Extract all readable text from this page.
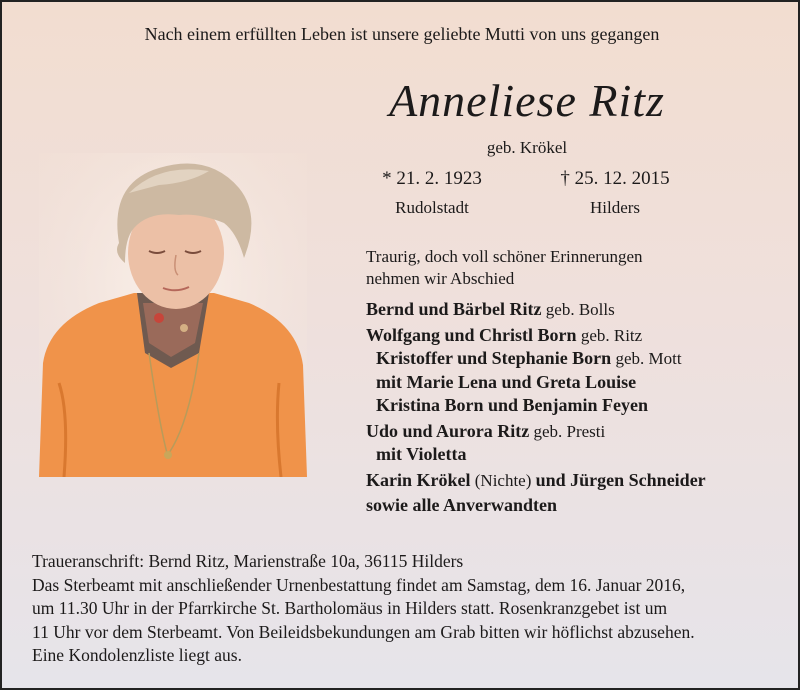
Nach einem erfüllten Leben ist unsere geliebte Mutti von uns gegangen
Anneliese Ritz
geb. Krökel
* 21. 2. 1923
Rudolstadt
† 25. 12. 2015
Hilders
Traurig, doch voll schöner Erinnerungen
nehmen wir Abschied
Bernd und Bärbel Ritz geb. Bolls
Wolfgang und Christl Born geb. Ritz
Kristoffer und Stephanie Born geb. Mott
mit Marie Lena und Greta Louise
Kristina Born und Benjamin Feyen
Udo und Aurora Ritz geb. Presti
mit Violetta
Karin Krökel (Nichte) und Jürgen Schneider
sowie alle Anverwandten
Traueranschrift: Bernd Ritz, Marienstraße 10a, 36115 Hilders
Das Sterbeamt mit anschließender Urnenbestattung findet am Samstag, dem 16. Januar 2016,
um 11.30 Uhr in der Pfarrkirche St. Bartholomäus in Hilders statt. Rosenkranzgebet ist um
11 Uhr vor dem Sterbeamt. Von Beileidsbekundungen am Grab bitten wir höflichst abzusehen.
Eine Kondolenzliste liegt aus.
